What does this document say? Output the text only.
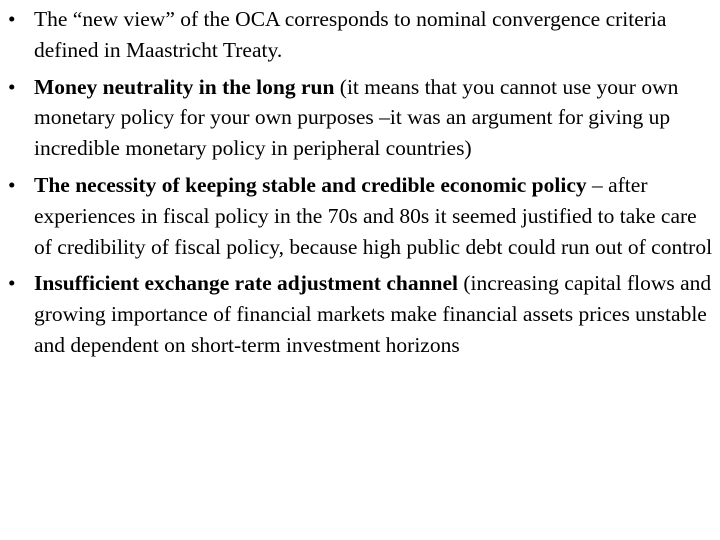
• The “new view” of the OCA corresponds to nominal convergence criteria defined in Maastricht Treaty.
• Money neutrality in the long run (it means that you cannot use your own monetary policy for your own purposes –it was an argument for giving up incredible monetary policy in peripheral countries)
• The necessity of keeping stable and credible economic policy – after experiences in fiscal policy in the 70s and 80s it seemed justified to take care of credibility of fiscal policy, because high public debt could run out of control
• Insufficient exchange rate adjustment channel (increasing capital flows and growing importance of financial markets make financial assets prices unstable and dependent on short-term investment horizons
